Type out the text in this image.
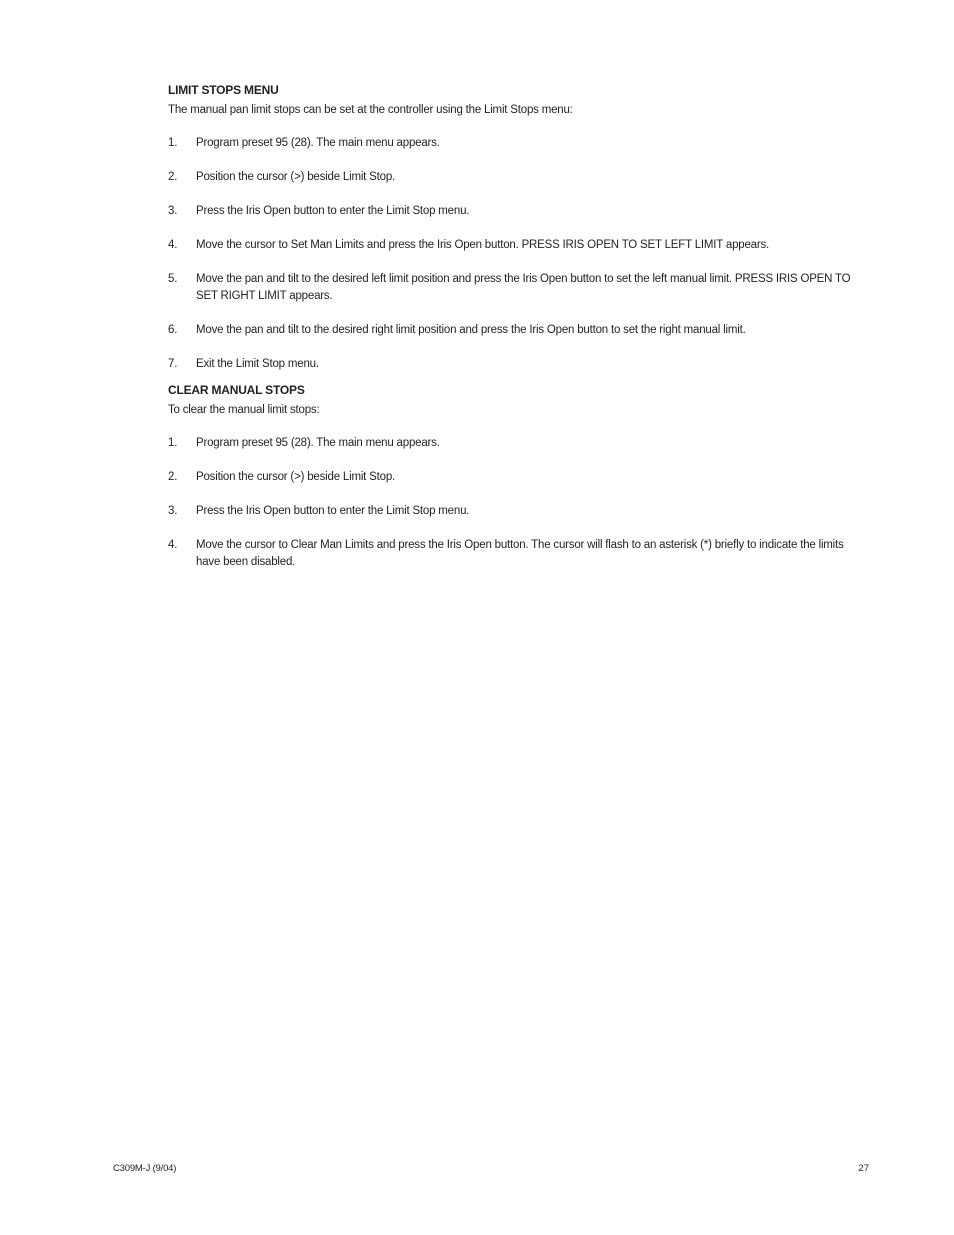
LIMIT STOPS MENU

The manual pan limit stops can be set at the controller using the Limit Stops menu:

1. Program preset 95 (28). The main menu appears.
2. Position the cursor (>) beside Limit Stop.
3. Press the Iris Open button to enter the Limit Stop menu.
4. Move the cursor to Set Man Limits and press the Iris Open button. PRESS IRIS OPEN TO SET LEFT LIMIT appears.
5. Move the pan and tilt to the desired left limit position and press the Iris Open button to set the left manual limit. PRESS IRIS OPEN TO SET RIGHT LIMIT appears.
6. Move the pan and tilt to the desired right limit position and press the Iris Open button to set the right manual limit.
7. Exit the Limit Stop menu.
CLEAR MANUAL STOPS

To clear the manual limit stops:

1. Program preset 95 (28). The main menu appears.
2. Position the cursor (>) beside Limit Stop.
3. Press the Iris Open button to enter the Limit Stop menu.
4. Move the cursor to Clear Man Limits and press the Iris Open button. The cursor will flash to an asterisk (*) briefly to indicate the limits have been disabled.
C309M-J (9/04)	27
